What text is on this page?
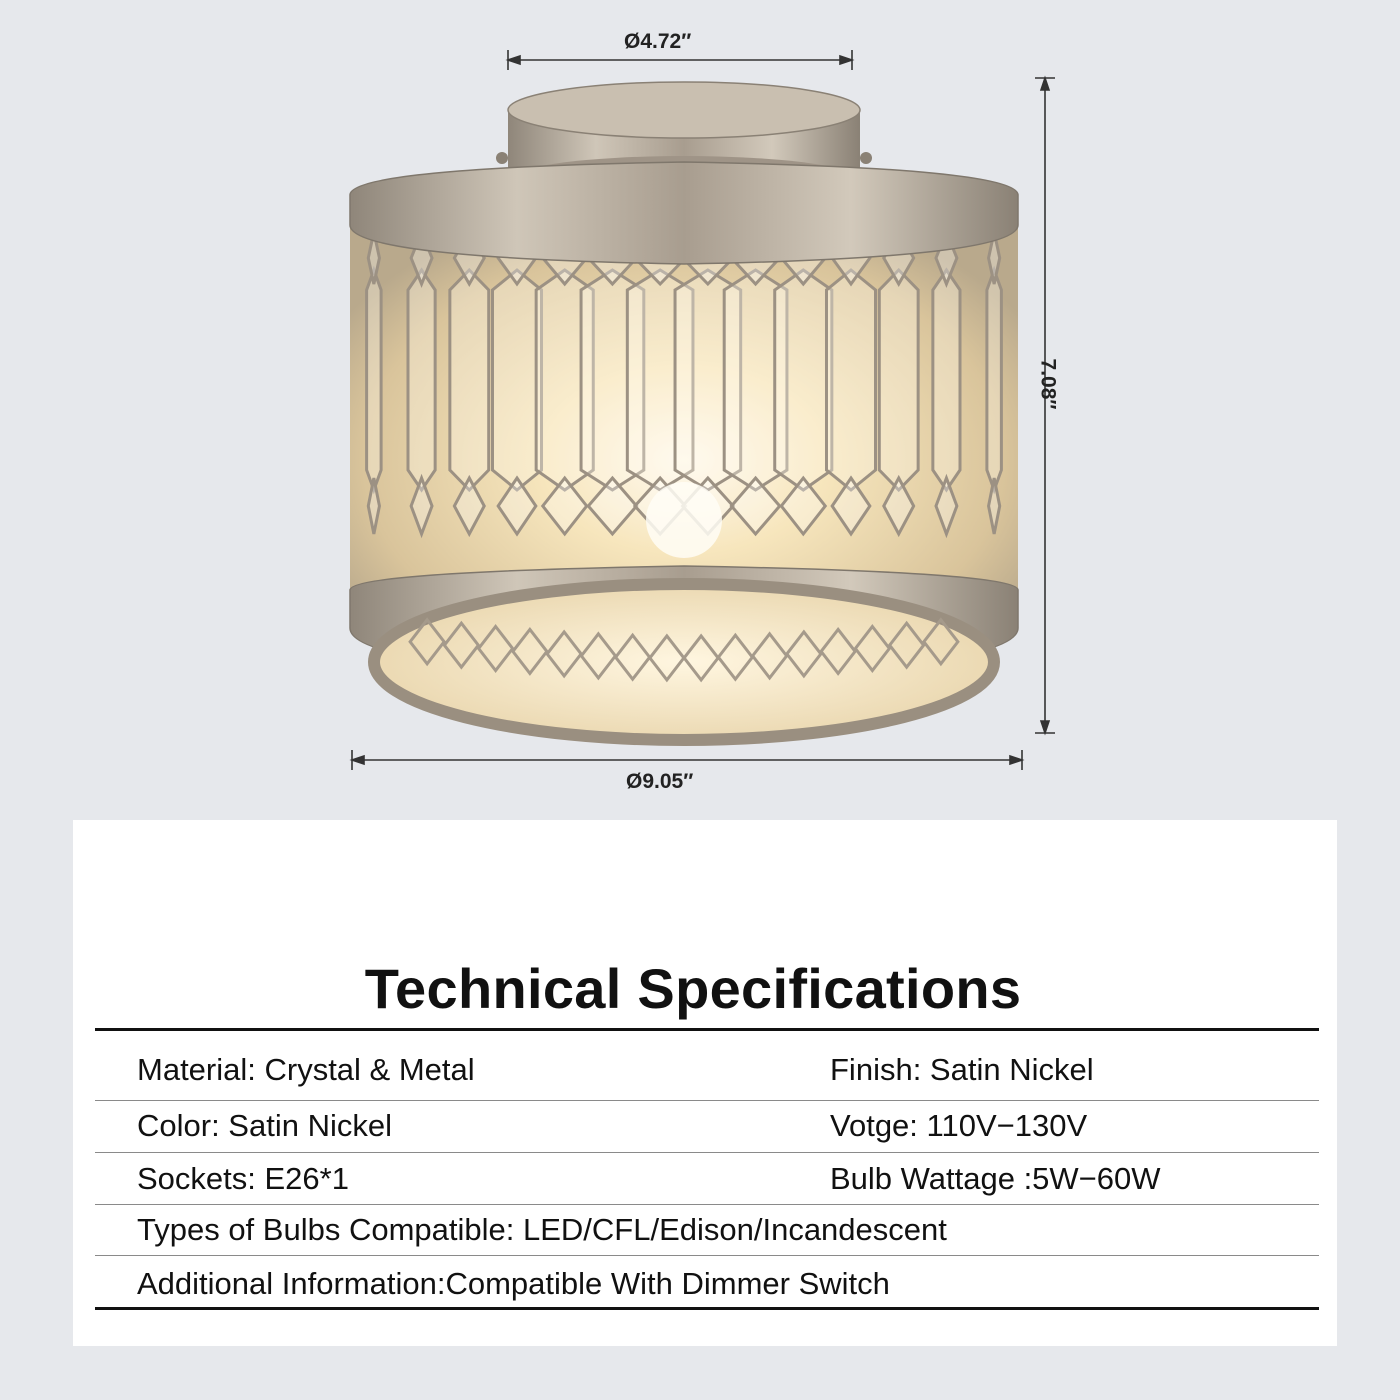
Ø4.72″
7.08″
Ø9.05″
Technical Specifications
Material: Crystal & Metal	Finish: Satin Nickel
Color: Satin Nickel	Votge: 110V−130V
Sockets: E26*1	Bulb Wattage :5W−60W
Types of Bulbs Compatible: LED/CFL/Edison/Incandescent
Additional Information:Compatible With Dimmer Switch
